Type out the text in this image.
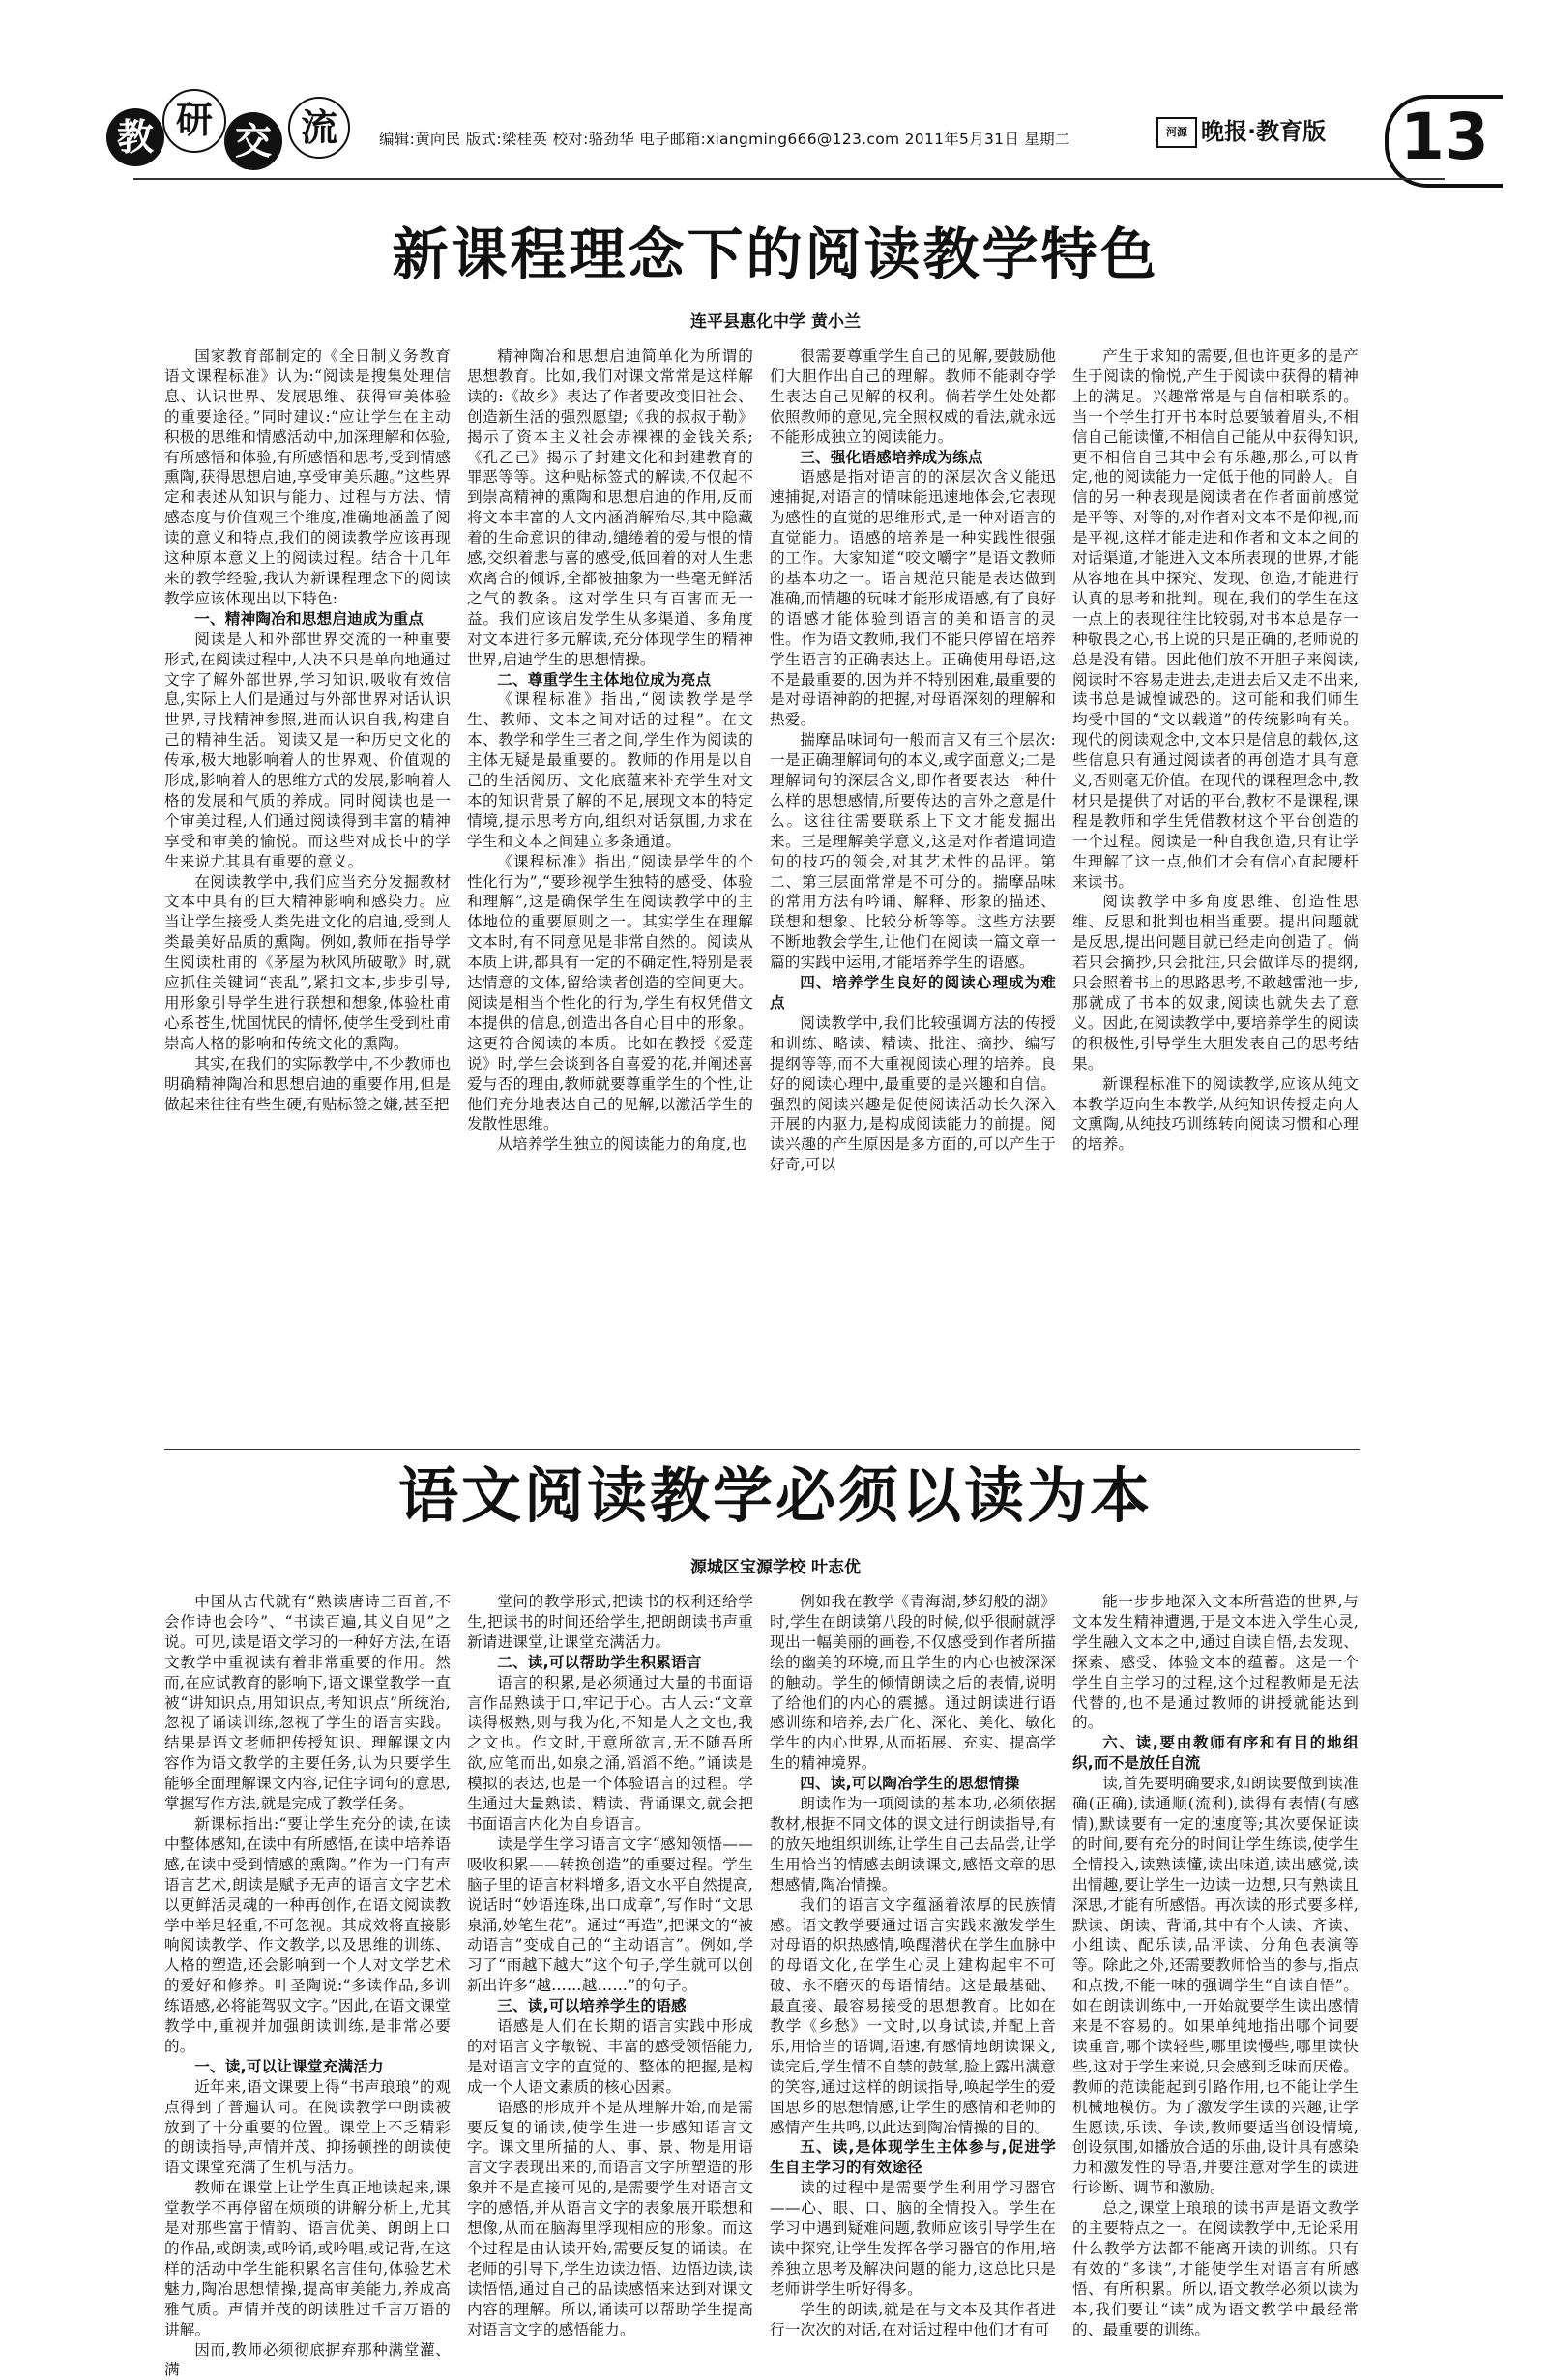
教 研 交 流	编辑:黄向民 版式:梁桂英 校对:骆劲华 电子邮箱:xiangming666@123.com 2011年5月31日 星期二	河源 晚报·教育版 13
新课程理念下的阅读教学特色
连平县惠化中学 黄小兰

国家教育部制定的《全日制义务教育语文课程标准》认为:“阅读是搜集处理信息、认识世界、发展思维、获得审美体验的重要途径。”同时建议:“应让学生在主动积极的思维和情感活动中,加深理解和体验,有所感悟和体验,有所感悟和思考,受到情感熏陶,获得思想启迪,享受审美乐趣。”这些界定和表述从知识与能力、过程与方法、情感态度与价值观三个维度,准确地涵盖了阅读的意义和特点,我们的阅读教学应该再现这种原本意义上的阅读过程。结合十几年来的教学经验,我认为新课程理念下的阅读教学应该体现出以下特色:

一、精神陶冶和思想启迪成为重点

阅读是人和外部世界交流的一种重要形式,在阅读过程中,人决不只是单向地通过文字了解外部世界,学习知识,吸收有效信息,实际上人们是通过与外部世界对话认识世界,寻找精神参照,进而认识自我,构建自己的精神生活。阅读又是一种历史文化的传承,极大地影响着人的世界观、价值观的形成,影响着人的思维方式的发展,影响着人格的发展和气质的养成。同时阅读也是一个审美过程,人们通过阅读得到丰富的精神享受和审美的愉悦。而这些对成长中的学生来说尤其具有重要的意义。

在阅读教学中,我们应当充分发掘教材文本中具有的巨大精神影响和感染力。应当让学生接受人类先进文化的启迪,受到人类最美好品质的熏陶。例如,教师在指导学生阅读杜甫的《茅屋为秋风所破歌》时,就应抓住关键词“丧乱”,紧扣文本,步步引导,用形象引导学生进行联想和想象,体验杜甫心系苍生,忧国忧民的情怀,使学生受到杜甫崇高人格的影响和传统文化的熏陶。

其实,在我们的实际教学中,不少教师也明确精神陶冶和思想启迪的重要作用,但是做起来往往有些生硬,有贴标签之嫌,甚至把

精神陶冶和思想启迪简单化为所谓的思想教育。比如,我们对课文常常是这样解读的:《故乡》表达了作者要改变旧社会、创造新生活的强烈愿望;《我的叔叔于勒》揭示了资本主义社会赤裸裸的金钱关系;《孔乙己》揭示了封建文化和封建教育的罪恶等等。这种贴标签式的解读,不仅起不到崇高精神的熏陶和思想启迪的作用,反而将文本丰富的人文内涵消解殆尽,其中隐藏着的生命意识的律动,缱绻着的爱与恨的情感,交织着悲与喜的感受,低回着的对人生悲欢离合的倾诉,全都被抽象为一些毫无鲜活之气的教条。这对学生只有百害而无一益。我们应该启发学生从多渠道、多角度对文本进行多元解读,充分体现学生的精神世界,启迪学生的思想情操。

二、尊重学生主体地位成为亮点

《课程标准》指出,“阅读教学是学生、教师、文本之间对话的过程”。在文本、教学和学生三者之间,学生作为阅读的主体无疑是最重要的。教师的作用是以自己的生活阅历、文化底蕴来补充学生对文本的知识背景了解的不足,展现文本的特定情境,提示思考方向,组织对话氛围,力求在学生和文本之间建立多条通道。

《课程标准》指出,“阅读是学生的个性化行为”,“要珍视学生独特的感受、体验和理解”,这是确保学生在阅读教学中的主体地位的重要原则之一。其实学生在理解文本时,有不同意见是非常自然的。阅读从本质上讲,都具有一定的不确定性,特别是表达情意的文体,留给读者创造的空间更大。阅读是相当个性化的行为,学生有权凭借文本提供的信息,创造出各自心目中的形象。这更符合阅读的本质。比如在教授《爱莲说》时,学生会谈到各自喜爱的花,并阐述喜爱与否的理由,教师就要尊重学生的个性,让他们充分地表达自己的见解,以激活学生的发散性思维。

从培养学生独立的阅读能力的角度,也

很需要尊重学生自己的见解,要鼓励他们大胆作出自己的理解。教师不能剥夺学生表达自己见解的权利。倘若学生处处都依照教师的意见,完全照权威的看法,就永远不能形成独立的阅读能力。

三、强化语感培养成为练点

语感是指对语言的的深层次含义能迅速捕捉,对语言的情味能迅速地体会,它表现为感性的直觉的思维形式,是一种对语言的直觉能力。语感的培养是一种实践性很强的工作。大家知道“咬文嚼字”是语文教师的基本功之一。语言规范只能是表达做到准确,而情趣的玩味才能形成语感,有了良好的语感才能体验到语言的美和语言的灵性。作为语文教师,我们不能只停留在培养学生语言的正确表达上。正确使用母语,这不是最重要的,因为并不特别困难,最重要的是对母语神韵的把握,对母语深刻的理解和热爱。

揣摩品味词句一般而言又有三个层次:一是正确理解词句的本义,或字面意义;二是理解词句的深层含义,即作者要表达一种什么样的思想感情,所要传达的言外之意是什么。这往往需要联系上下文才能发掘出来。三是理解美学意义,这是对作者遣词造句的技巧的领会,对其艺术性的品评。第二、第三层面常常是不可分的。揣摩品味的常用方法有吟诵、解释、形象的描述、联想和想象、比较分析等等。这些方法要不断地教会学生,让他们在阅读一篇文章一篇的实践中运用,才能培养学生的语感。

四、培养学生良好的阅读心理成为难点

阅读教学中,我们比较强调方法的传授和训练、略读、精读、批注、摘抄、编写提纲等等,而不大重视阅读心理的培养。良好的阅读心理中,最重要的是兴趣和自信。强烈的阅读兴趣是促使阅读活动长久深入开展的内驱力,是构成阅读能力的前提。阅读兴趣的产生原因是多方面的,可以产生于好奇,可以

产生于求知的需要,但也许更多的是产生于阅读的愉悦,产生于阅读中获得的精神上的满足。兴趣常常是与自信相联系的。当一个学生打开书本时总要皱着眉头,不相信自己能读懂,不相信自己能从中获得知识,更不相信自己其中会有乐趣,那么,可以肯定,他的阅读能力一定低于他的同龄人。自信的另一种表现是阅读者在作者面前感觉是平等、对等的,对作者对文本不是仰视,而是平视,这样才能走进和作者和文本之间的对话渠道,才能进入文本所表现的世界,才能从容地在其中探究、发现、创造,才能进行认真的思考和批判。现在,我们的学生在这一点上的表现往往比较弱,对书本总是存一种敬畏之心,书上说的只是正确的,老师说的总是没有错。因此他们放不开胆子来阅读,阅读时不容易走进去,走进去后又走不出来,读书总是诚惶诚恐的。这可能和我们师生均受中国的“文以载道”的传统影响有关。现代的阅读观念中,文本只是信息的载体,这些信息只有通过阅读者的再创造才具有意义,否则毫无价值。在现代的课程理念中,教材只是提供了对话的平台,教材不是课程,课程是教师和学生凭借教材这个平台创造的一个过程。阅读是一种自我创造,只有让学生理解了这一点,他们才会有信心直起腰杆来读书。

阅读教学中多角度思维、创造性思维、反思和批判也相当重要。提出问题就是反思,提出问题目就已经走向创造了。倘若只会摘抄,只会批注,只会做详尽的提纲,只会照着书上的思路思考,不敢越雷池一步,那就成了书本的奴隶,阅读也就失去了意义。因此,在阅读教学中,要培养学生的阅读的积极性,引导学生大胆发表自己的思考结果。

新课程标准下的阅读教学,应该从纯文本教学迈向生本教学,从纯知识传授走向人文熏陶,从纯技巧训练转向阅读习惯和心理的培养。

语文阅读教学必须以读为本
源城区宝源学校 叶志优

中国从古代就有“熟读唐诗三百首,不会作诗也会吟”、“书读百遍,其义自见”之说。可见,读是语文学习的一种好方法,在语文教学中重视读有着非常重要的作用。然而,在应试教育的影响下,语文课堂教学一直被“讲知识点,用知识点,考知识点”所统治,忽视了诵读训练,忽视了学生的语言实践。结果是语文老师把传授知识、理解课文内容作为语文教学的主要任务,认为只要学生能够全面理解课文内容,记住字词句的意思,掌握写作方法,就是完成了教学任务。

新课标指出:“要让学生充分的读,在读中整体感知,在读中有所感悟,在读中培养语感,在读中受到情感的熏陶。”作为一门有声语言艺术,朗读是赋予无声的语言文字艺术以更鲜活灵魂的一种再创作,在语文阅读教学中举足轻重,不可忽视。其成效将直接影响阅读教学、作文教学,以及思维的训练、人格的塑造,还会影响到一个人对文学艺术的爱好和修养。叶圣陶说:“多读作品,多训练语感,必将能驾驭文字。”因此,在语文课堂教学中,重视并加强朗读训练,是非常必要的。

一、读,可以让课堂充满活力

近年来,语文课要上得“书声琅琅”的观点得到了普遍认同。在阅读教学中朗读被放到了十分重要的位置。课堂上不乏精彩的朗读指导,声情并茂、抑扬顿挫的朗读使语文课堂充满了生机与活力。

教师在课堂上让学生真正地读起来,课堂教学不再停留在烦琐的讲解分析上,尤其是对那些富于情韵、语言优美、朗朗上口的作品,或朗读,或吟诵,或吟唱,或记背,在这样的活动中学生能积累名言佳句,体验艺术魅力,陶冶思想情操,提高审美能力,养成高雅气质。声情并茂的朗读胜过千言万语的讲解。

因而,教师必须彻底摒弃那种满堂灌、满

堂问的教学形式,把读书的权利还给学生,把读书的时间还给学生,把朗朗读书声重新请进课堂,让课堂充满活力。

二、读,可以帮助学生积累语言

语言的积累,是必须通过大量的书面语言作品熟读于口,牢记于心。古人云:“文章读得极熟,则与我为化,不知是人之文也,我之文也。作文时,于意所欲言,无不随吾所欲,应笔而出,如泉之涌,滔滔不绝。”诵读是模拟的表达,也是一个体验语言的过程。学生通过大量熟读、精读、背诵课文,就会把书面语言内化为自身语言。

读是学生学习语言文字“感知领悟——吸收积累——转换创造”的重要过程。学生脑子里的语言材料增多,语文水平自然提高,说话时“妙语连珠,出口成章”,写作时“文思泉涌,妙笔生花”。通过“再造”,把课文的“被动语言”变成自己的“主动语言”。例如,学习了“雨越下越大”这个句子,学生就可以创新出许多“越……越……”的句子。

三、读,可以培养学生的语感

语感是人们在长期的语言实践中形成的对语言文字敏锐、丰富的感受领悟能力,是对语言文字的直觉的、整体的把握,是构成一个人语文素质的核心因素。

语感的形成并不是从理解开始,而是需要反复的诵读,使学生进一步感知语言文字。课文里所描的人、事、景、物是用语言文字表现出来的,而语言文字所塑造的形象并不是直接可见的,是需要学生对语言文字的感悟,并从语言文字的表象展开联想和想像,从而在脑海里浮现相应的形象。而这个过程是由认读开始,需要反复的诵读。在老师的引导下,学生边读边悟、边悟边读,读读悟悟,通过自己的品读感悟来达到对课文内容的理解。所以,诵读可以帮助学生提高对语言文字的感悟能力。

例如我在教学《青海湖,梦幻般的湖》时,学生在朗读第八段的时候,似乎很耐就浮现出一幅美丽的画卷,不仅感受到作者所描绘的幽美的环境,而且学生的内心也被深深的触动。学生的倾情朗读之后的表情,说明了给他们的内心的震撼。通过朗读进行语感训练和培养,去广化、深化、美化、敏化学生的内心世界,从而拓展、充实、提高学生的精神境界。

四、读,可以陶冶学生的思想情操

朗读作为一项阅读的基本功,必须依据教材,根据不同文体的课文进行朗读指导,有的放矢地组织训练,让学生自己去品尝,让学生用恰当的情感去朗读课文,感悟文章的思想感情,陶冶情操。

我们的语言文字蕴涵着浓厚的民族情感。语文教学要通过语言实践来激发学生对母语的炽热感情,唤醒潜伏在学生血脉中的母语文化,在学生心灵上建构起牢不可破、永不磨灭的母语情结。这是最基础、最直接、最容易接受的思想教育。比如在教学《乡愁》一文时,以身试读,并配上音乐,用恰当的语调,语速,有感情地朗读课文,读完后,学生情不自禁的鼓掌,脸上露出满意的笑容,通过这样的朗读指导,唤起学生的爱国思乡的思想情感,让学生的感情和老师的感情产生共鸣,以此达到陶冶情操的目的。

五、读,是体现学生主体参与,促进学生自主学习的有效途径

读的过程中是需要学生利用学习器官——心、眼、口、脑的全情投入。学生在学习中遇到疑难问题,教师应该引导学生在读中探究,让学生发挥各学习器官的作用,培养独立思考及解决问题的能力,这总比只是老师讲学生听好得多。

学生的朗读,就是在与文本及其作者进行一次次的对话,在对话过程中他们才有可

能一步步地深入文本所营造的世界,与文本发生精神遭遇,于是文本进入学生心灵,学生融入文本之中,通过自读自悟,去发现、探索、感受、体验文本的蕴蓄。这是一个学生自主学习的过程,这个过程教师是无法代替的,也不是通过教师的讲授就能达到的。

六、读,要由教师有序和有目的地组织,而不是放任自流

读,首先要明确要求,如朗读要做到读准确(正确),读通顺(流利),读得有表情(有感情),默读要有一定的速度等;其次要保证读的时间,要有充分的时间让学生练读,使学生全情投入,读熟读懂,读出味道,读出感觉,读出情趣,要让学生一边读一边想,只有熟读且深思,才能有所感悟。再次读的形式要多样,默读、朗读、背诵,其中有个人读、齐读、小组读、配乐读,品评读、分角色表演等等。除此之外,还需要教师恰当的参与,指点和点拨,不能一味的强调学生“自读自悟”。如在朗读训练中,一开始就要学生读出感情来是不容易的。如果单纯地指出哪个词要读重音,哪个读轻些,哪里读慢些,哪里读快些,这对于学生来说,只会感到乏味而厌倦。教师的范读能起到引路作用,也不能让学生机械地模仿。为了激发学生读的兴趣,让学生愿读,乐读、争读,教师要适当创设情境,创设氛围,如播放合适的乐曲,设计具有感染力和激发性的导语,并要注意对学生的读进行诊断、调节和激励。

总之,课堂上琅琅的读书声是语文教学的主要特点之一。在阅读教学中,无论采用什么教学方法都不能离开读的训练。只有有效的“多读”,才能使学生对语言有所感悟、有所积累。所以,语文教学必须以读为本,我们要让“读”成为语文教学中最经常的、最重要的训练。
